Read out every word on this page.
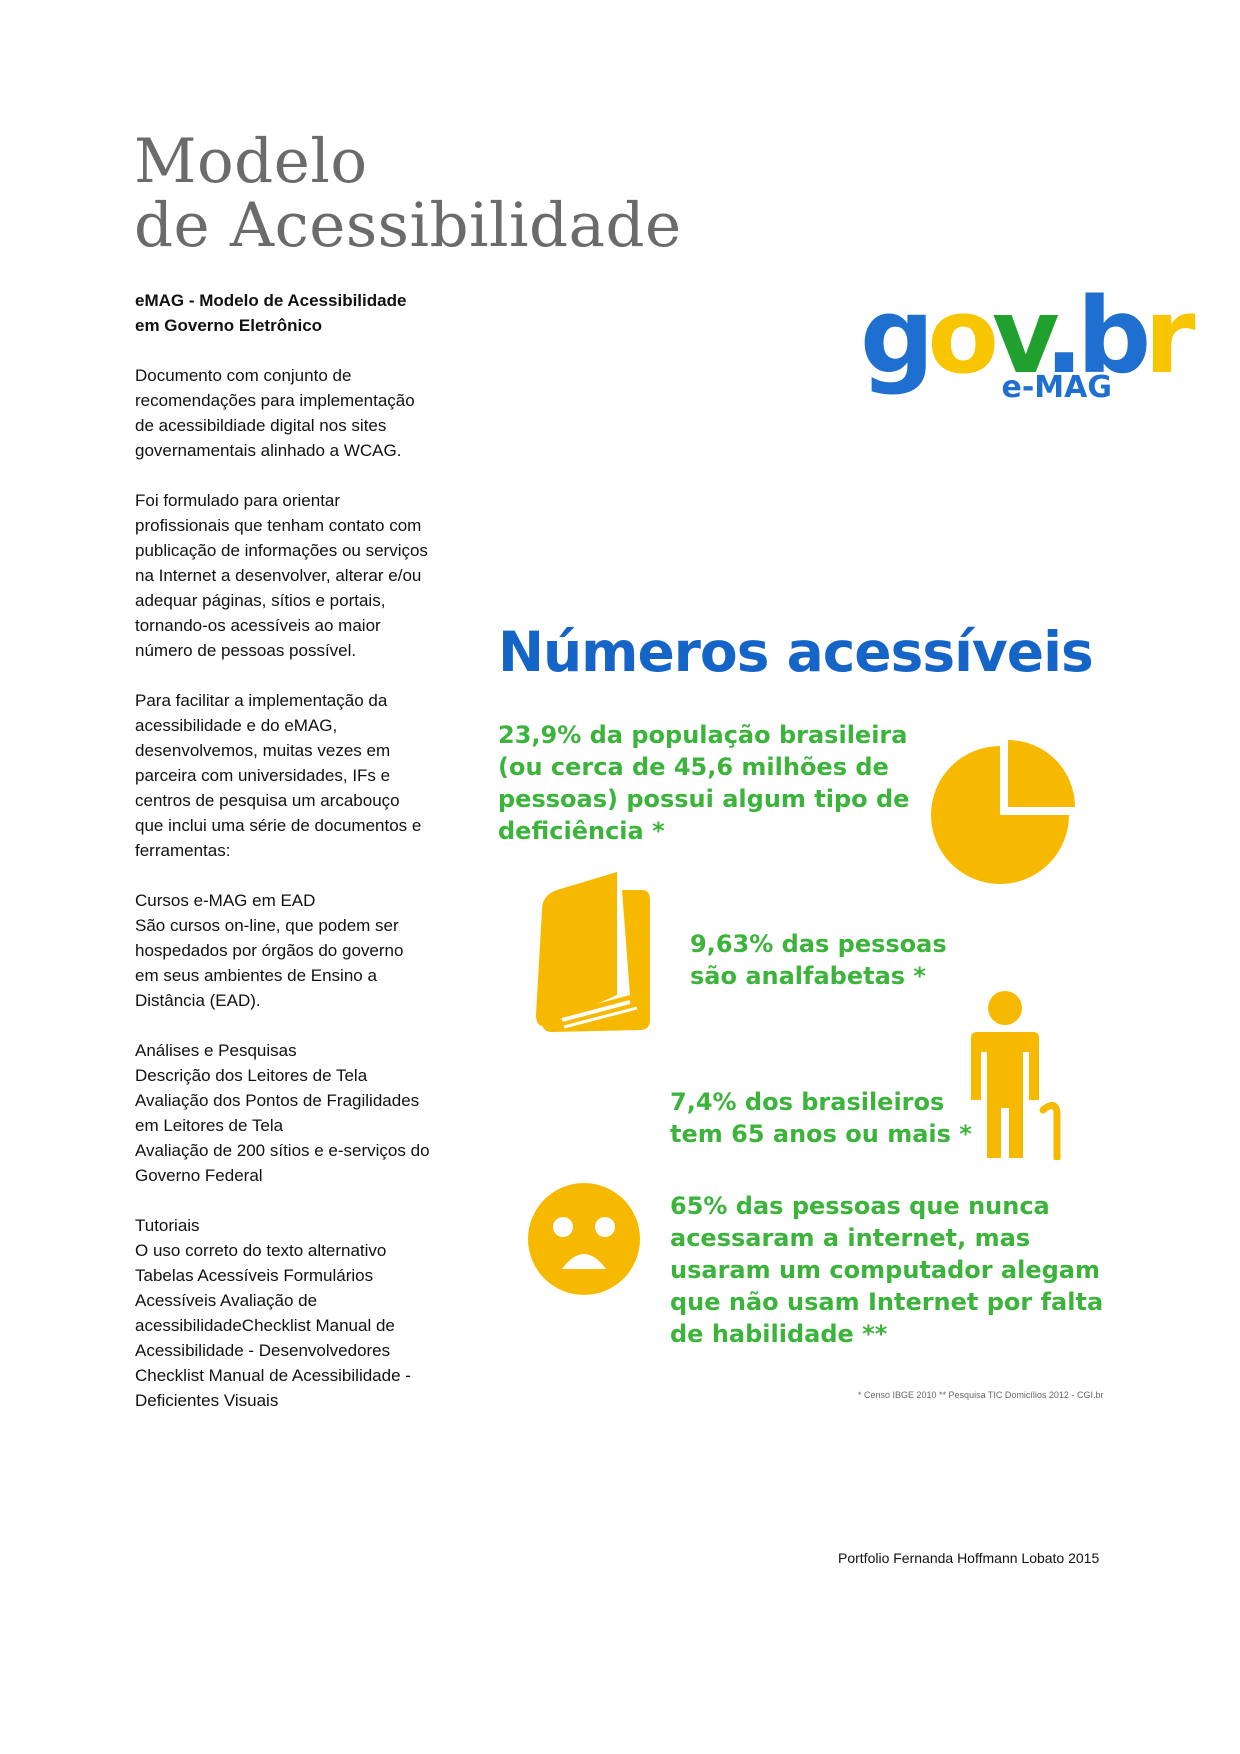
Modelo
de Acessibilidade
eMAG - Modelo de Acessibilidade
em Governo Eletrônico
Documento com conjunto de
recomendações para implementação
de acessibildiade digital nos sites
governamentais alinhado a WCAG.
Foi formulado para orientar
profissionais que tenham contato com
publicação de informações ou serviços
na Internet a desenvolver, alterar e/ou
adequar páginas, sítios e portais,
tornando-os acessíveis ao maior
número de pessoas possível.
Para facilitar a implementação da
acessibilidade e do eMAG,
desenvolvemos, muitas vezes em
parceira com universidades, IFs e
centros de pesquisa um arcabouço
que inclui uma série de documentos e
ferramentas:
Cursos e-MAG em EAD
São cursos on-line, que podem ser
hospedados por órgãos do governo
em seus ambientes de Ensino a
Distância (EAD).
Análises e Pesquisas
Descrição dos Leitores de Tela
Avaliação dos Pontos de Fragilidades
em Leitores de Tela
Avaliação de 200 sítios e e-serviços do
Governo Federal
Tutoriais
O uso correto do texto alternativo
Tabelas Acessíveis Formulários
Acessíveis Avaliação de
acessibilidadeChecklist Manual de
Acessibilidade - Desenvolvedores
Checklist Manual de Acessibilidade -
Deficientes Visuais
gov.br
e-MAG
Números acessíveis
23,9% da população brasileira
(ou cerca de 45,6 milhões de
pessoas) possui algum tipo de
deficiência *
9,63% das pessoas
são analfabetas *
7,4% dos brasileiros
tem 65 anos ou mais *
65% das pessoas que nunca
acessaram a internet, mas
usaram um computador alegam
que não usam Internet por falta
de habilidade **
* Censo IBGE 2010 ** Pesquisa TIC Domicílios 2012 - CGI.br
Portfolio Fernanda Hoffmann Lobato 2015
